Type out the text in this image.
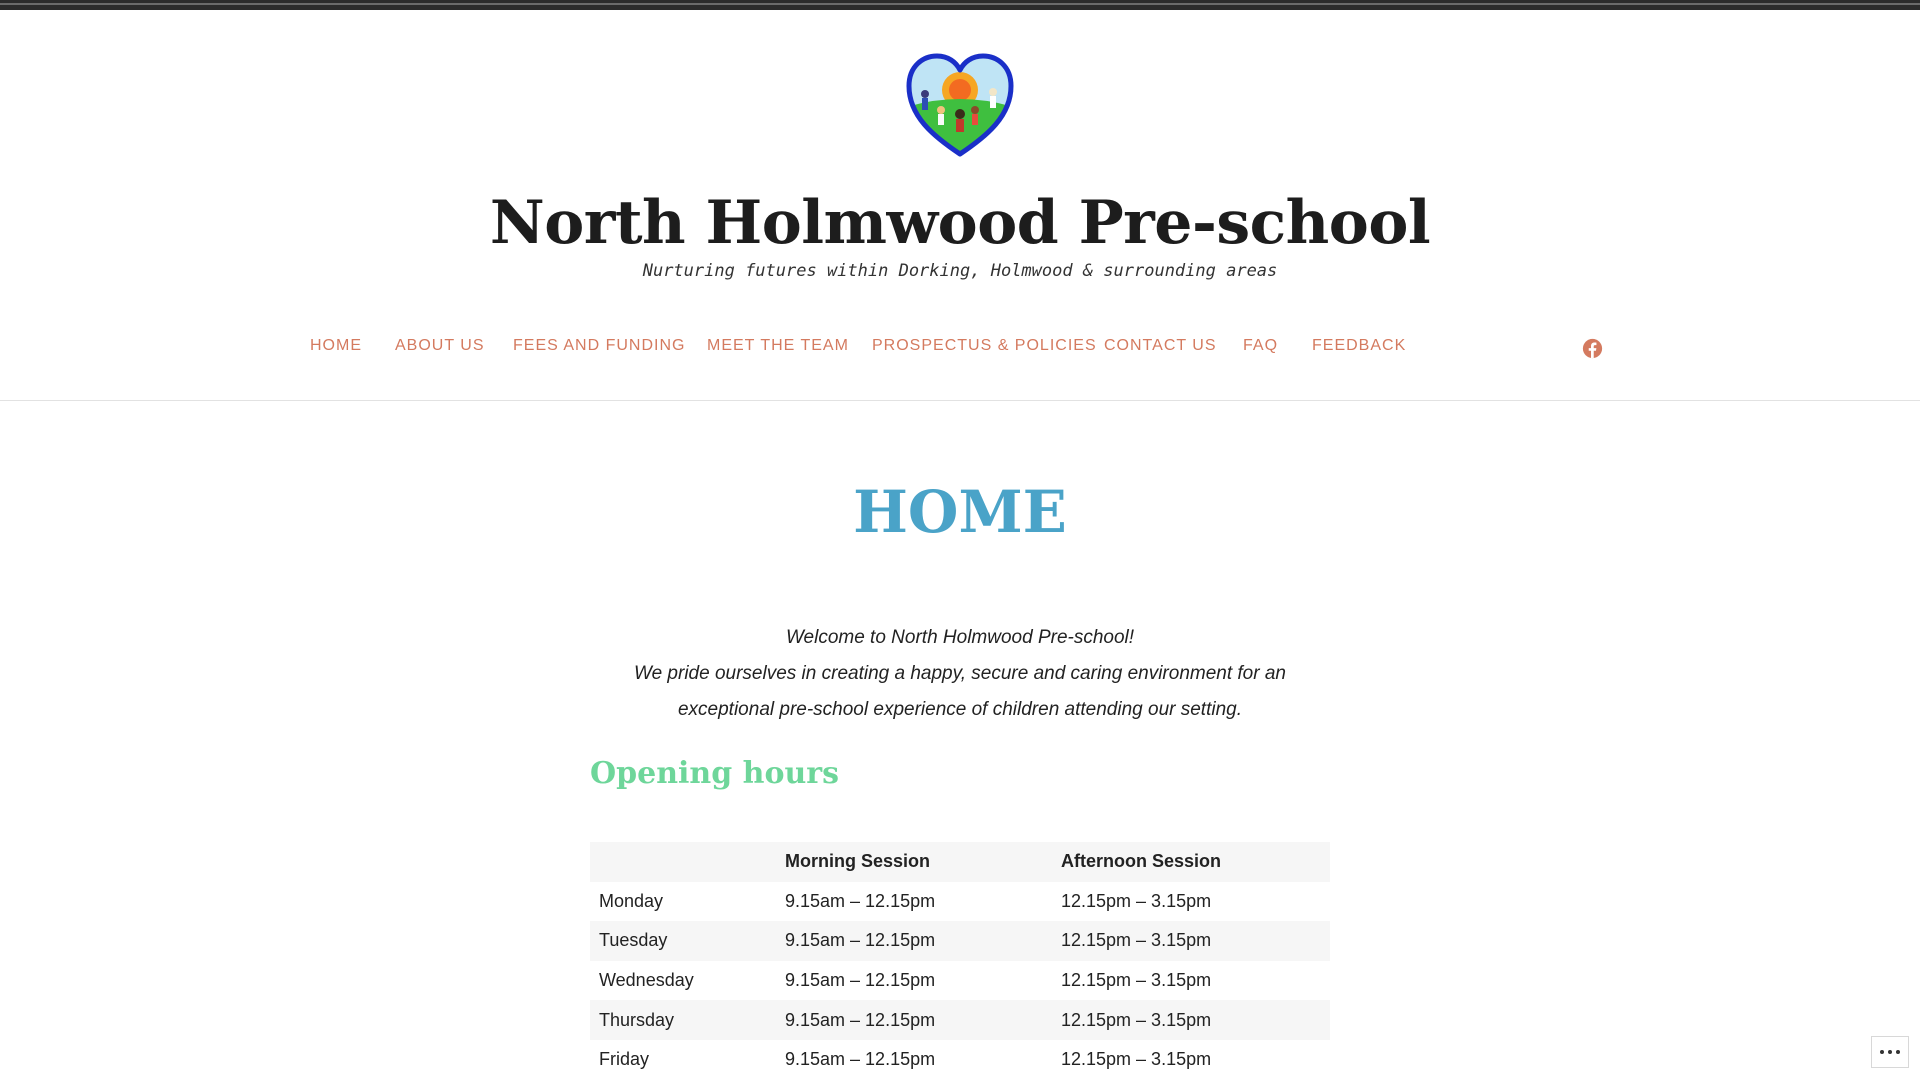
North Holmwood Pre-school
Nurturing futures within Dorking, Holmwood & surrounding areas
HOME ABOUT US FEES AND FUNDING MEET THE TEAM PROSPECTUS & POLICIES CONTACT US FAQ FEEDBACK
HOME

Welcome to North Holmwood Pre-school!

We pride ourselves in creating a happy, secure and caring environment for an exceptional pre-school experience of children attending our setting.

Opening hours
	Morning Session	Afternoon Session
Monday	9.15am – 12.15pm	12.15pm – 3.15pm
Tuesday	9.15am – 12.15pm	12.15pm – 3.15pm
Wednesday	9.15am – 12.15pm	12.15pm – 3.15pm
Thursday	9.15am – 12.15pm	12.15pm – 3.15pm
Friday	9.15am – 12.15pm	12.15pm – 3.15pm
